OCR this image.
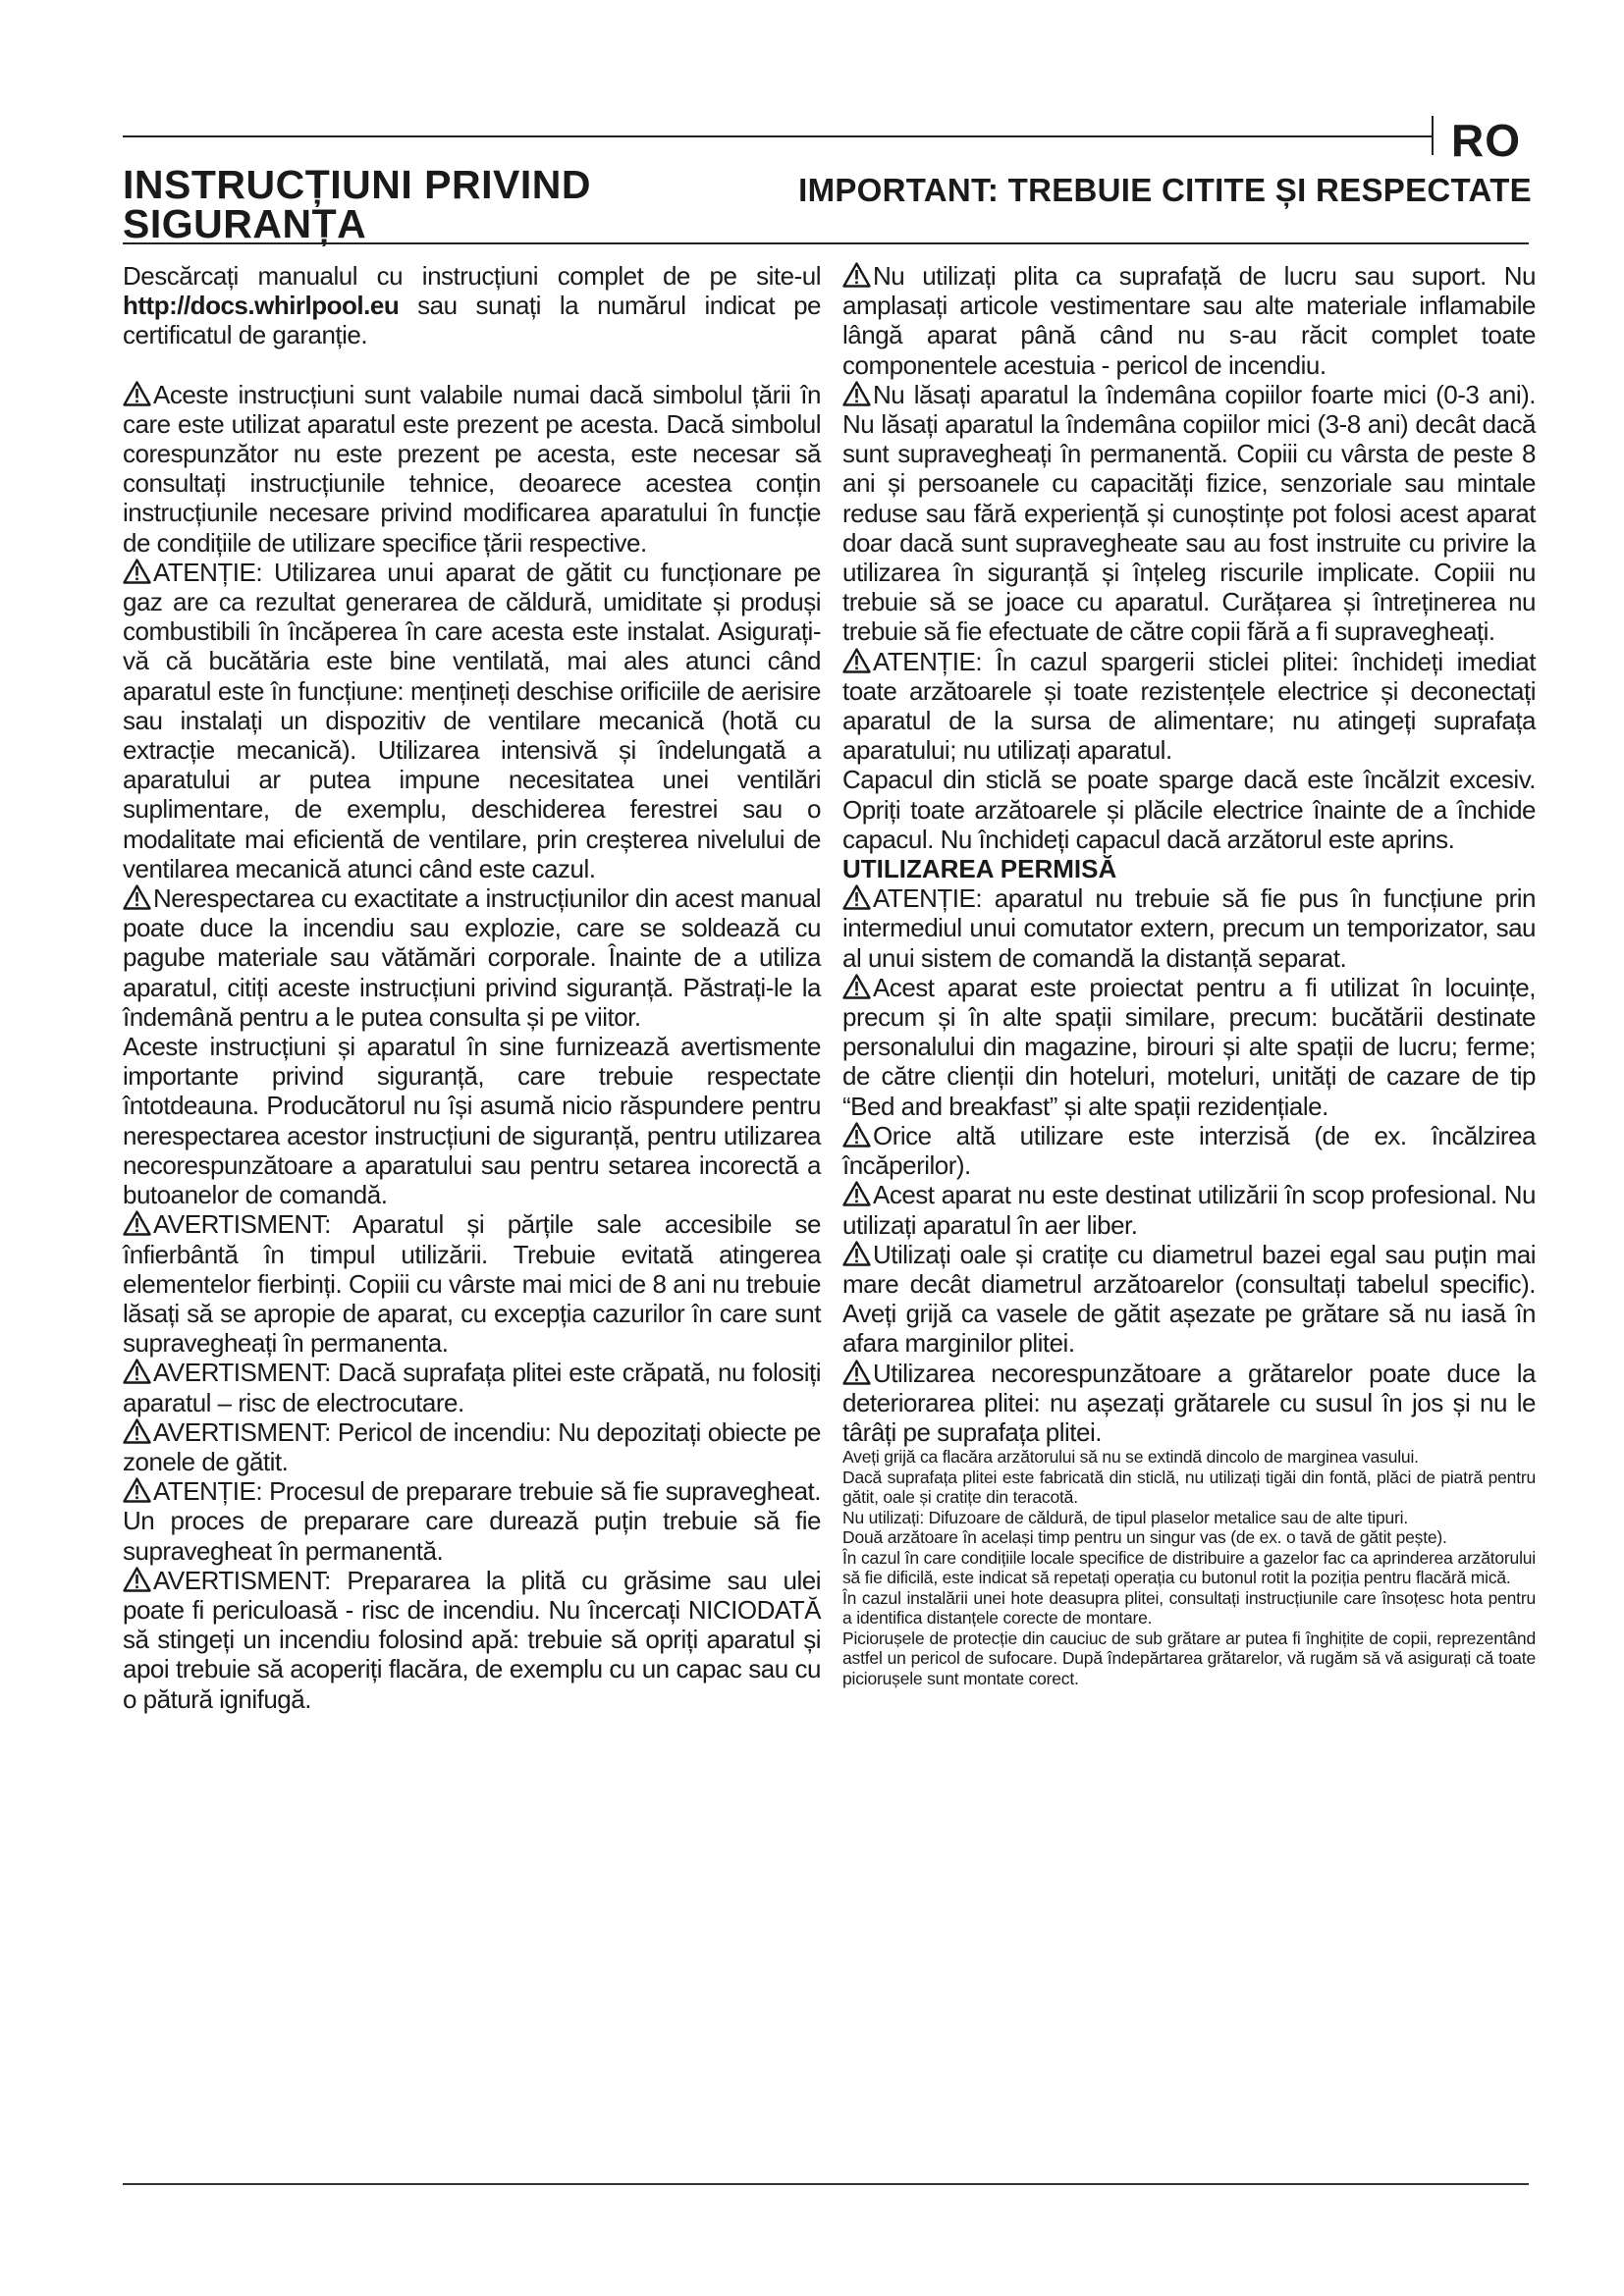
RO
INSTRUCȚIUNI PRIVIND SIGURANȚA
IMPORTANT: TREBUIE CITITE ȘI RESPECTATE

Descărcați manualul cu instrucțiuni complet de pe site-ul http://docs.whirlpool.eu sau sunați la numărul indicat pe certificatul de garanție.

Aceste instrucțiuni sunt valabile numai dacă simbolul țării în care este utilizat aparatul este prezent pe acesta. Dacă simbolul corespunzător nu este prezent pe acesta, este necesar să consultați instrucțiunile tehnice, deoarece acestea conțin instrucțiunile necesare privind modificarea aparatului în funcție de condițiile de utilizare specifice țării respective.

ATENȚIE: Utilizarea unui aparat de gătit cu funcționare pe gaz are ca rezultat generarea de căldură, umiditate și produși combustibili în încăperea în care acesta este instalat. Asigurați-vă că bucătăria este bine ventilată, mai ales atunci când aparatul este în funcțiune: mențineți deschise orificiile de aerisire sau instalați un dispozitiv de ventilare mecanică (hotă cu extracție mecanică). Utilizarea intensivă și îndelungată a aparatului ar putea impune necesitatea unei ventilări suplimentare, de exemplu, deschiderea ferestrei sau o modalitate mai eficientă de ventilare, prin creșterea nivelului de ventilarea mecanică atunci când este cazul.

Nerespectarea cu exactitate a instrucțiunilor din acest manual poate duce la incendiu sau explozie, care se soldează cu pagube materiale sau vătămări corporale. Înainte de a utiliza aparatul, citiți aceste instrucțiuni privind siguranță. Păstrați-le la îndemână pentru a le putea consulta și pe viitor.

Aceste instrucțiuni și aparatul în sine furnizează avertismente importante privind siguranță, care trebuie respectate întotdeauna. Producătorul nu își asumă nicio răspundere pentru nerespectarea acestor instrucțiuni de siguranță, pentru utilizarea necorespunzătoare a aparatului sau pentru setarea incorectă a butoanelor de comandă.

AVERTISMENT: Aparatul și părțile sale accesibile se înfierbântă în timpul utilizării. Trebuie evitată atingerea elementelor fierbinți. Copiii cu vârste mai mici de 8 ani nu trebuie lăsați să se apropie de aparat, cu excepția cazurilor în care sunt supravegheați în permanenta.

AVERTISMENT: Dacă suprafața plitei este crăpată, nu folosiți aparatul – risc de electrocutare.

AVERTISMENT: Pericol de incendiu: Nu depozitați obiecte pe zonele de gătit.

ATENȚIE: Procesul de preparare trebuie să fie supravegheat. Un proces de preparare care durează puțin trebuie să fie supravegheat în permanentă.

AVERTISMENT: Prepararea la plită cu grăsime sau ulei poate fi periculoasă - risc de incendiu. Nu încercați NICIODATĂ să stingeți un incendiu folosind apă: trebuie să opriți aparatul și apoi trebuie să acoperiți flacăra, de exemplu cu un capac sau cu o pătură ignifugă.

Nu utilizați plita ca suprafață de lucru sau suport. Nu amplasați articole vestimentare sau alte materiale inflamabile lângă aparat până când nu s-au răcit complet toate componentele acestuia - pericol de incendiu.

Nu lăsați aparatul la îndemâna copiilor foarte mici (0-3 ani). Nu lăsați aparatul la îndemâna copiilor mici (3-8 ani) decât dacă sunt supravegheați în permanentă. Copiii cu vârsta de peste 8 ani și persoanele cu capacități fizice, senzoriale sau mintale reduse sau fără experiență și cunoștințe pot folosi acest aparat doar dacă sunt supravegheate sau au fost instruite cu privire la utilizarea în siguranță și înțeleg riscurile implicate. Copiii nu trebuie să se joace cu aparatul. Curățarea și întreținerea nu trebuie să fie efectuate de către copii fără a fi supravegheați.

ATENȚIE: În cazul spargerii sticlei plitei: închideți imediat toate arzătoarele și toate rezistențele electrice și deconectați aparatul de la sursa de alimentare; nu atingeți suprafața aparatului; nu utilizați aparatul.

Capacul din sticlă se poate sparge dacă este încălzit excesiv. Opriți toate arzătoarele și plăcile electrice înainte de a închide capacul. Nu închideți capacul dacă arzătorul este aprins.

UTILIZAREA PERMISĂ

ATENȚIE: aparatul nu trebuie să fie pus în funcțiune prin intermediul unui comutator extern, precum un temporizator, sau al unui sistem de comandă la distanță separat.

Acest aparat este proiectat pentru a fi utilizat în locuințe, precum și în alte spații similare, precum: bucătării destinate personalului din magazine, birouri și alte spații de lucru; ferme; de către clienții din hoteluri, moteluri, unități de cazare de tip “Bed and breakfast” și alte spații rezidențiale.

Orice altă utilizare este interzisă (de ex. încălzirea încăperilor).

Acest aparat nu este destinat utilizării în scop profesional. Nu utilizați aparatul în aer liber.

Utilizați oale și cratițe cu diametrul bazei egal sau puțin mai mare decât diametrul arzătoarelor (consultați tabelul specific). Aveți grijă ca vasele de gătit așezate pe grătare să nu iasă în afara marginilor plitei.

Utilizarea necorespunzătoare a grătarelor poate duce la deteriorarea plitei: nu așezați grătarele cu susul în jos și nu le târâți pe suprafața plitei.

Aveți grijă ca flacăra arzătorului să nu se extindă dincolo de marginea vasului.

Dacă suprafața plitei este fabricată din sticlă, nu utilizați tigăi din fontă, plăci de piatră pentru gătit, oale și cratițe din teracotă.

Nu utilizați: Difuzoare de căldură, de tipul plaselor metalice sau de alte tipuri.

Două arzătoare în același timp pentru un singur vas (de ex. o tavă de gătit pește).

În cazul în care condițiile locale specifice de distribuire a gazelor fac ca aprinderea arzătorului să fie dificilă, este indicat să repetați operația cu butonul rotit la poziția pentru flacără mică.

În cazul instalării unei hote deasupra plitei, consultați instrucțiunile care însoțesc hota pentru a identifica distanțele corecte de montare.

Piciorușele de protecție din cauciuc de sub grătare ar putea fi înghițite de copii, reprezentând astfel un pericol de sufocare. După îndepărtarea grătarelor, vă rugăm să vă asigurați că toate piciorușele sunt montate corect.
